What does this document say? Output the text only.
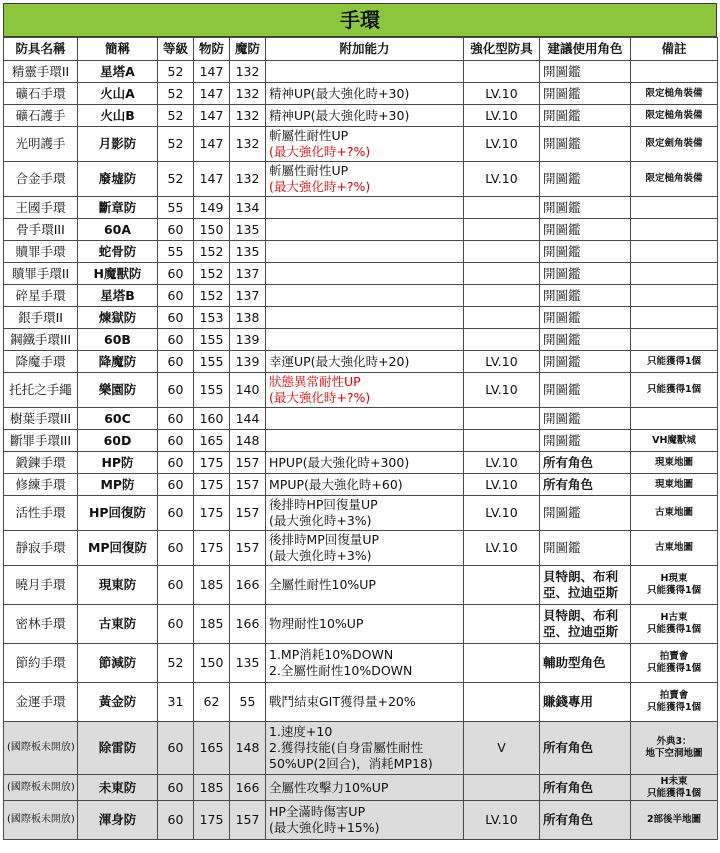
手環
防具名稱	簡稱	等級	物防	魔防	附加能力	強化型防具	建議使用角色	備註
精靈手環II	星塔A	52	147	132			開圖鑑	

礦石手環	火山A	52	147	132	精神UP(最大強化時+30)	LV.10	開圖鑑	限定槌角裝備

礦石護手	火山B	52	147	132	精神UP(最大強化時+30)	LV.10	開圖鑑	限定槌角裝備

光明護手	月影防	52	147	132	斬屬性耐性UP
(最大強化時+?%)	LV.10	開圖鑑	限定劍角裝備

合金手環	廢墟防	52	147	132	斬屬性耐性UP
(最大強化時+?%)	LV.10	開圖鑑	限定槌角裝備

王國手環	斷章防	55	149	134			開圖鑑	

骨手環III	60A	60	150	135			開圖鑑	

贖罪手環	蛇骨防	55	152	135			開圖鑑	

贖罪手環II	H魔獸防	60	152	137			開圖鑑	

碎星手環	星塔B	60	152	137			開圖鑑	

銀手環II	煉獄防	60	153	138			開圖鑑	

鋼鐵手環III	60B	60	155	139			開圖鑑	

降魔手環	降魔防	60	155	139	幸運UP(最大強化時+20)	LV.10	開圖鑑	只能獲得1個

托托之手繩	樂園防	60	155	140	狀態異常耐性UP
(最大強化時+?%)	LV.10	開圖鑑	只能獲得1個

樹葉手環III	60C	60	160	144			開圖鑑	

斷罪手環III	60D	60	165	148			開圖鑑	VH魔獸城

鍛鍊手環	HP防	60	175	157	HPUP(最大強化時+300)	LV.10	所有角色	現東地圖

修練手環	MP防	60	175	157	MPUP(最大強化時+60)	LV.10	所有角色	現東地圖

活性手環	HP回復防	60	175	157	後排時HP回復量UP
(最大強化時+3%)	LV.10	開圖鑑	古東地圖

靜寂手環	MP回復防	60	175	157	後排時MP回復量UP
(最大強化時+3%)	LV.10	開圖鑑	古東地圖

曉月手環	現東防	60	185	166	全屬性耐性10%UP		貝特朗、布利
亞、拉迪亞斯	H現東
只能獲得1個

密林手環	古東防	60	185	166	物理耐性10%UP		貝特朗、布利
亞、拉迪亞斯	H古東
只能獲得1個

節約手環	節減防	52	150	135	1.MP消耗10%DOWN
2.全屬性耐性10%DOWN		輔助型角色	拍賣會
只能獲得1個

金運手環	黃金防	31	62	55	戰鬥結束GIT獲得量+20%		賺錢專用	拍賣會
只能獲得1個

(國際板未開放)	除雷防	60	165	148	1.速度+10
2.獲得技能(自身雷屬性耐性
50%UP(2回合)，消耗MP18)	V	所有角色	外典3：
地下空洞地圖

(國際板未開放)	未東防	60	185	166	全屬性攻擊力10%UP		所有角色	H未東
只能獲得1個

(國際板未開放)	渾身防	60	175	157	HP全滿時傷害UP
(最大強化時+15%)	LV.10	所有角色	2部後半地圖
